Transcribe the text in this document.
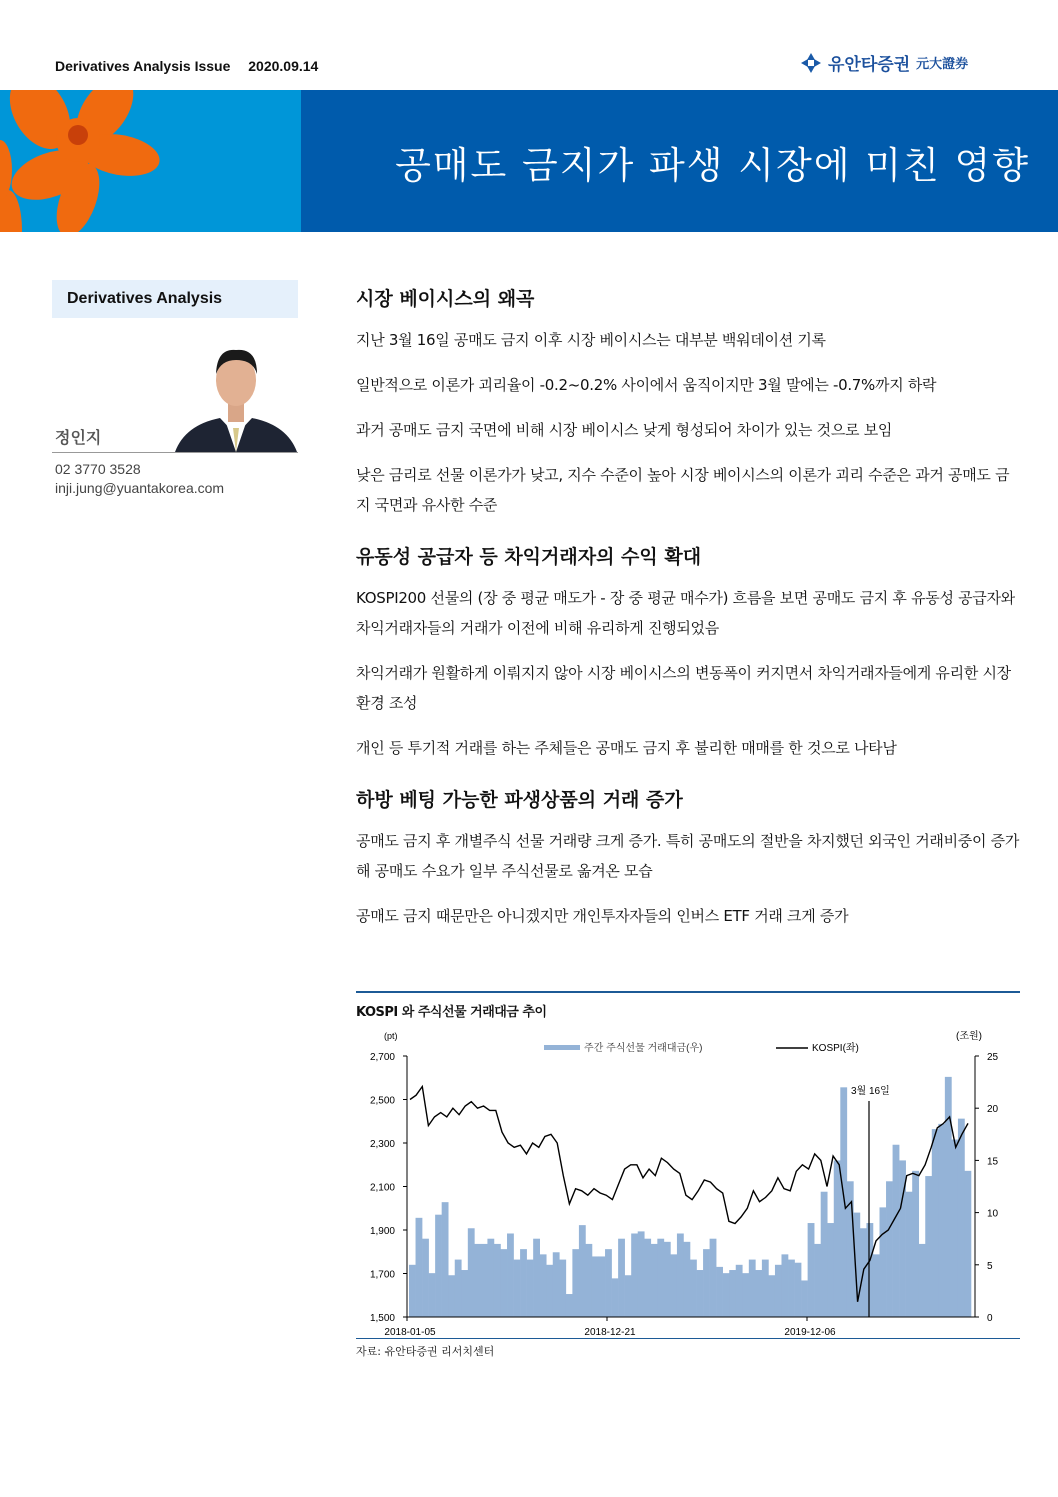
Derivatives Analysis Issue 2020.09.14	유안타증권 元大證券
공매도 금지가 파생 시장에 미친 영향
Derivatives Analysis
정인지
02 3770 3528
inji.jung@yuantakorea.com
시장 베이시스의 왜곡

지난 3월 16일 공매도 금지 이후 시장 베이시스는 대부분 백워데이션 기록

일반적으로 이론가 괴리율이 -0.2~0.2% 사이에서 움직이지만 3월 말에는 -0.7%까지 하락

과거 공매도 금지 국면에 비해 시장 베이시스 낮게 형성되어 차이가 있는 것으로 보임

낮은 금리로 선물 이론가가 낮고, 지수 수준이 높아 시장 베이시스의 이론가 괴리 수준은 과거 공매도 금지 국면과 유사한 수준

유동성 공급자 등 차익거래자의 수익 확대

KOSPI200 선물의 (장 중 평균 매도가 - 장 중 평균 매수가) 흐름을 보면 공매도 금지 후 유동성 공급자와 차익거래자들의 거래가 이전에 비해 유리하게 진행되었음

차익거래가 원활하게 이뤄지지 않아 시장 베이시스의 변동폭이 커지면서 차익거래자들에게 유리한 시장 환경 조성

개인 등 투기적 거래를 하는 주체들은 공매도 금지 후 불리한 매매를 한 것으로 나타남

하방 베팅 가능한 파생상품의 거래 증가

공매도 금지 후 개별주식 선물 거래량 크게 증가. 특히 공매도의 절반을 차지했던 외국인 거래비중이 증가해 공매도 수요가 일부 주식선물로 옮겨온 모습

공매도 금지 때문만은 아니겠지만 개인투자자들의 인버스 ETF 거래 크게 증가

KOSPI 와 주식선물 거래대금 추이
1,500
1,700
1,900
2,100
2,300
2,500
2,700
0
5
10
15
20
25
2018-01-05	2018-12-21	2019-12-06
(pt)	(조원)
주간 주식선물 거래대금(우)	KOSPI(좌)
3월 16일
자료: 유안타증권 리서치센터
